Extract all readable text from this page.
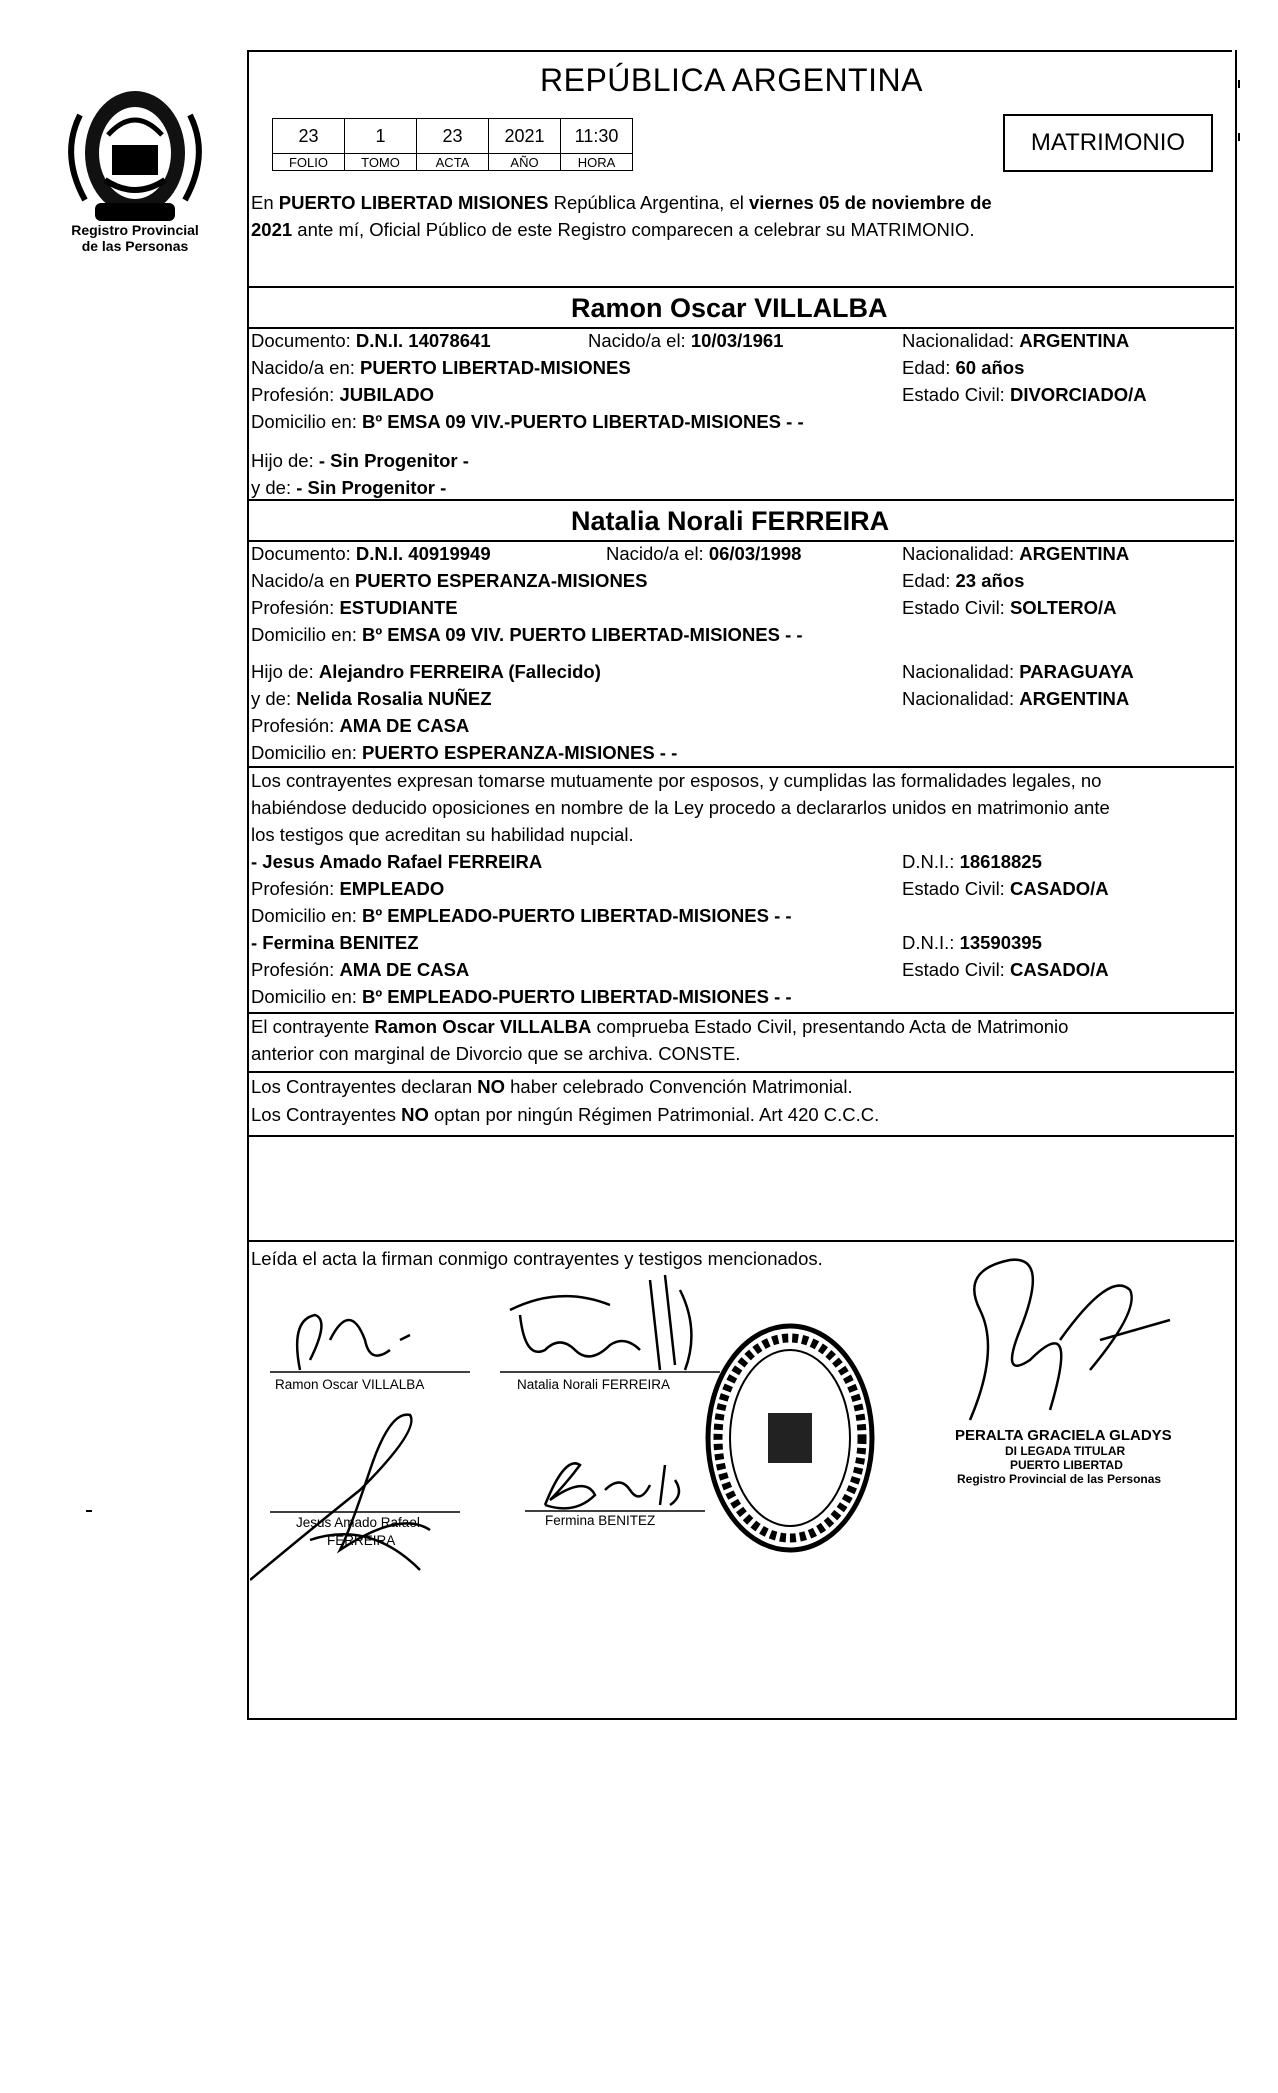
Registro Provincial
de las Personas
REPÚBLICA ARGENTINA
23	1	23	2021	11:30
FOLIO	TOMO	ACTA	AÑO	HORA
MATRIMONIO
En PUERTO LIBERTAD MISIONES República Argentina, el viernes 05 de noviembre de
2021 ante mí, Oficial Público de este Registro comparecen a celebrar su MATRIMONIO.
Ramon Oscar VILLALBA
Documento: D.N.I. 14078641	Nacido/a el: 10/03/1961	Nacionalidad: ARGENTINA
Nacido/a en: PUERTO LIBERTAD-MISIONES	Edad: 60 años
Profesión: JUBILADO	Estado Civil: DIVORCIADO/A
Domicilio en: Bº EMSA 09 VIV.-PUERTO LIBERTAD-MISIONES - -
Hijo de: - Sin Progenitor -
y de: - Sin Progenitor -
Natalia Norali FERREIRA
Documento: D.N.I. 40919949	Nacido/a el: 06/03/1998	Nacionalidad: ARGENTINA
Nacido/a en PUERTO ESPERANZA-MISIONES	Edad: 23 años
Profesión: ESTUDIANTE	Estado Civil: SOLTERO/A
Domicilio en: Bº EMSA 09 VIV. PUERTO LIBERTAD-MISIONES - -
Hijo de: Alejandro FERREIRA (Fallecido)	Nacionalidad: PARAGUAYA
y de: Nelida Rosalia NUÑEZ	Nacionalidad: ARGENTINA
Profesión: AMA DE CASA
Domicilio en: PUERTO ESPERANZA-MISIONES - -
Los contrayentes expresan tomarse mutuamente por esposos, y cumplidas las formalidades legales, no
habiéndose deducido oposiciones en nombre de la Ley procedo a declararlos unidos en matrimonio ante
los testigos que acreditan su habilidad nupcial.
- Jesus Amado Rafael FERREIRA	D.N.I.: 18618825
Profesión: EMPLEADO	Estado Civil: CASADO/A
Domicilio en: Bº EMPLEADO-PUERTO LIBERTAD-MISIONES - -
- Fermina BENITEZ	D.N.I.: 13590395
Profesión: AMA DE CASA	Estado Civil: CASADO/A
Domicilio en: Bº EMPLEADO-PUERTO LIBERTAD-MISIONES - -
El contrayente Ramon Oscar VILLALBA comprueba Estado Civil, presentando Acta de Matrimonio
anterior con marginal de Divorcio que se archiva. CONSTE.
Los Contrayentes declaran NO haber celebrado Convención Matrimonial.
Los Contrayentes NO optan por ningún Régimen Patrimonial. Art 420 C.C.C.
Leída el acta la firman conmigo contrayentes y testigos mencionados.
Ramon Oscar VILLALBA	Natalia Norali FERREIRA
Jesus Amado Rafael
FERREIRA
Fermina BENITEZ
PERALTA GRACIELA GLADYS
DI LEGADA TITULAR
PUERTO LIBERTAD
Registro Provincial de las Personas
